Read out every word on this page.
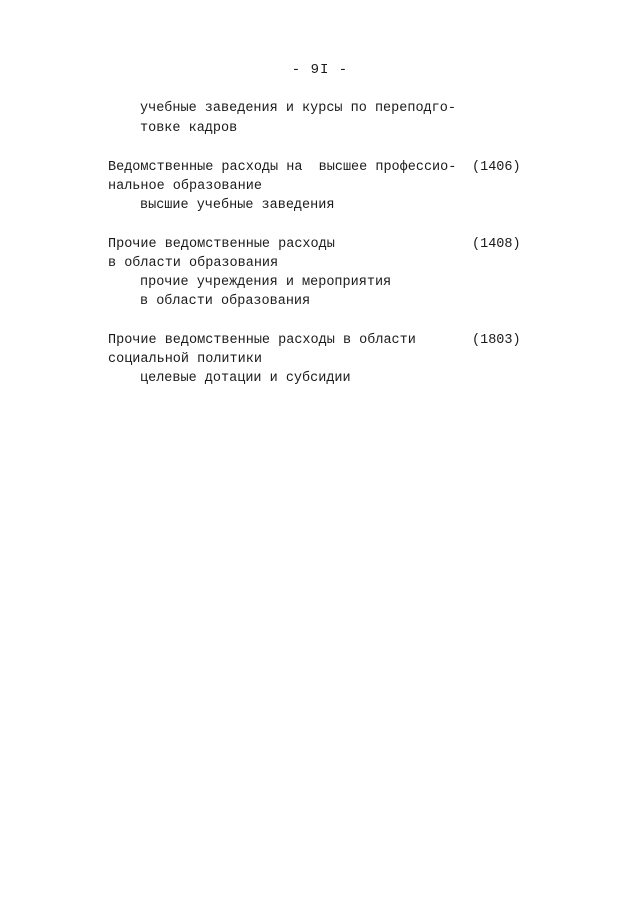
- 9I -
учебные заведения и курсы по переподго-
товке кадров
Ведомственные расходы на  высшее профессио- (1406)
нальное образование
высшие учебные заведения
Прочие ведомственные расходы	(1408)
в области образования
прочие учреждения и мероприятия
в области образования
Прочие ведомственные расходы в области	(1803)
социальной политики
целевые дотации и субсидии
